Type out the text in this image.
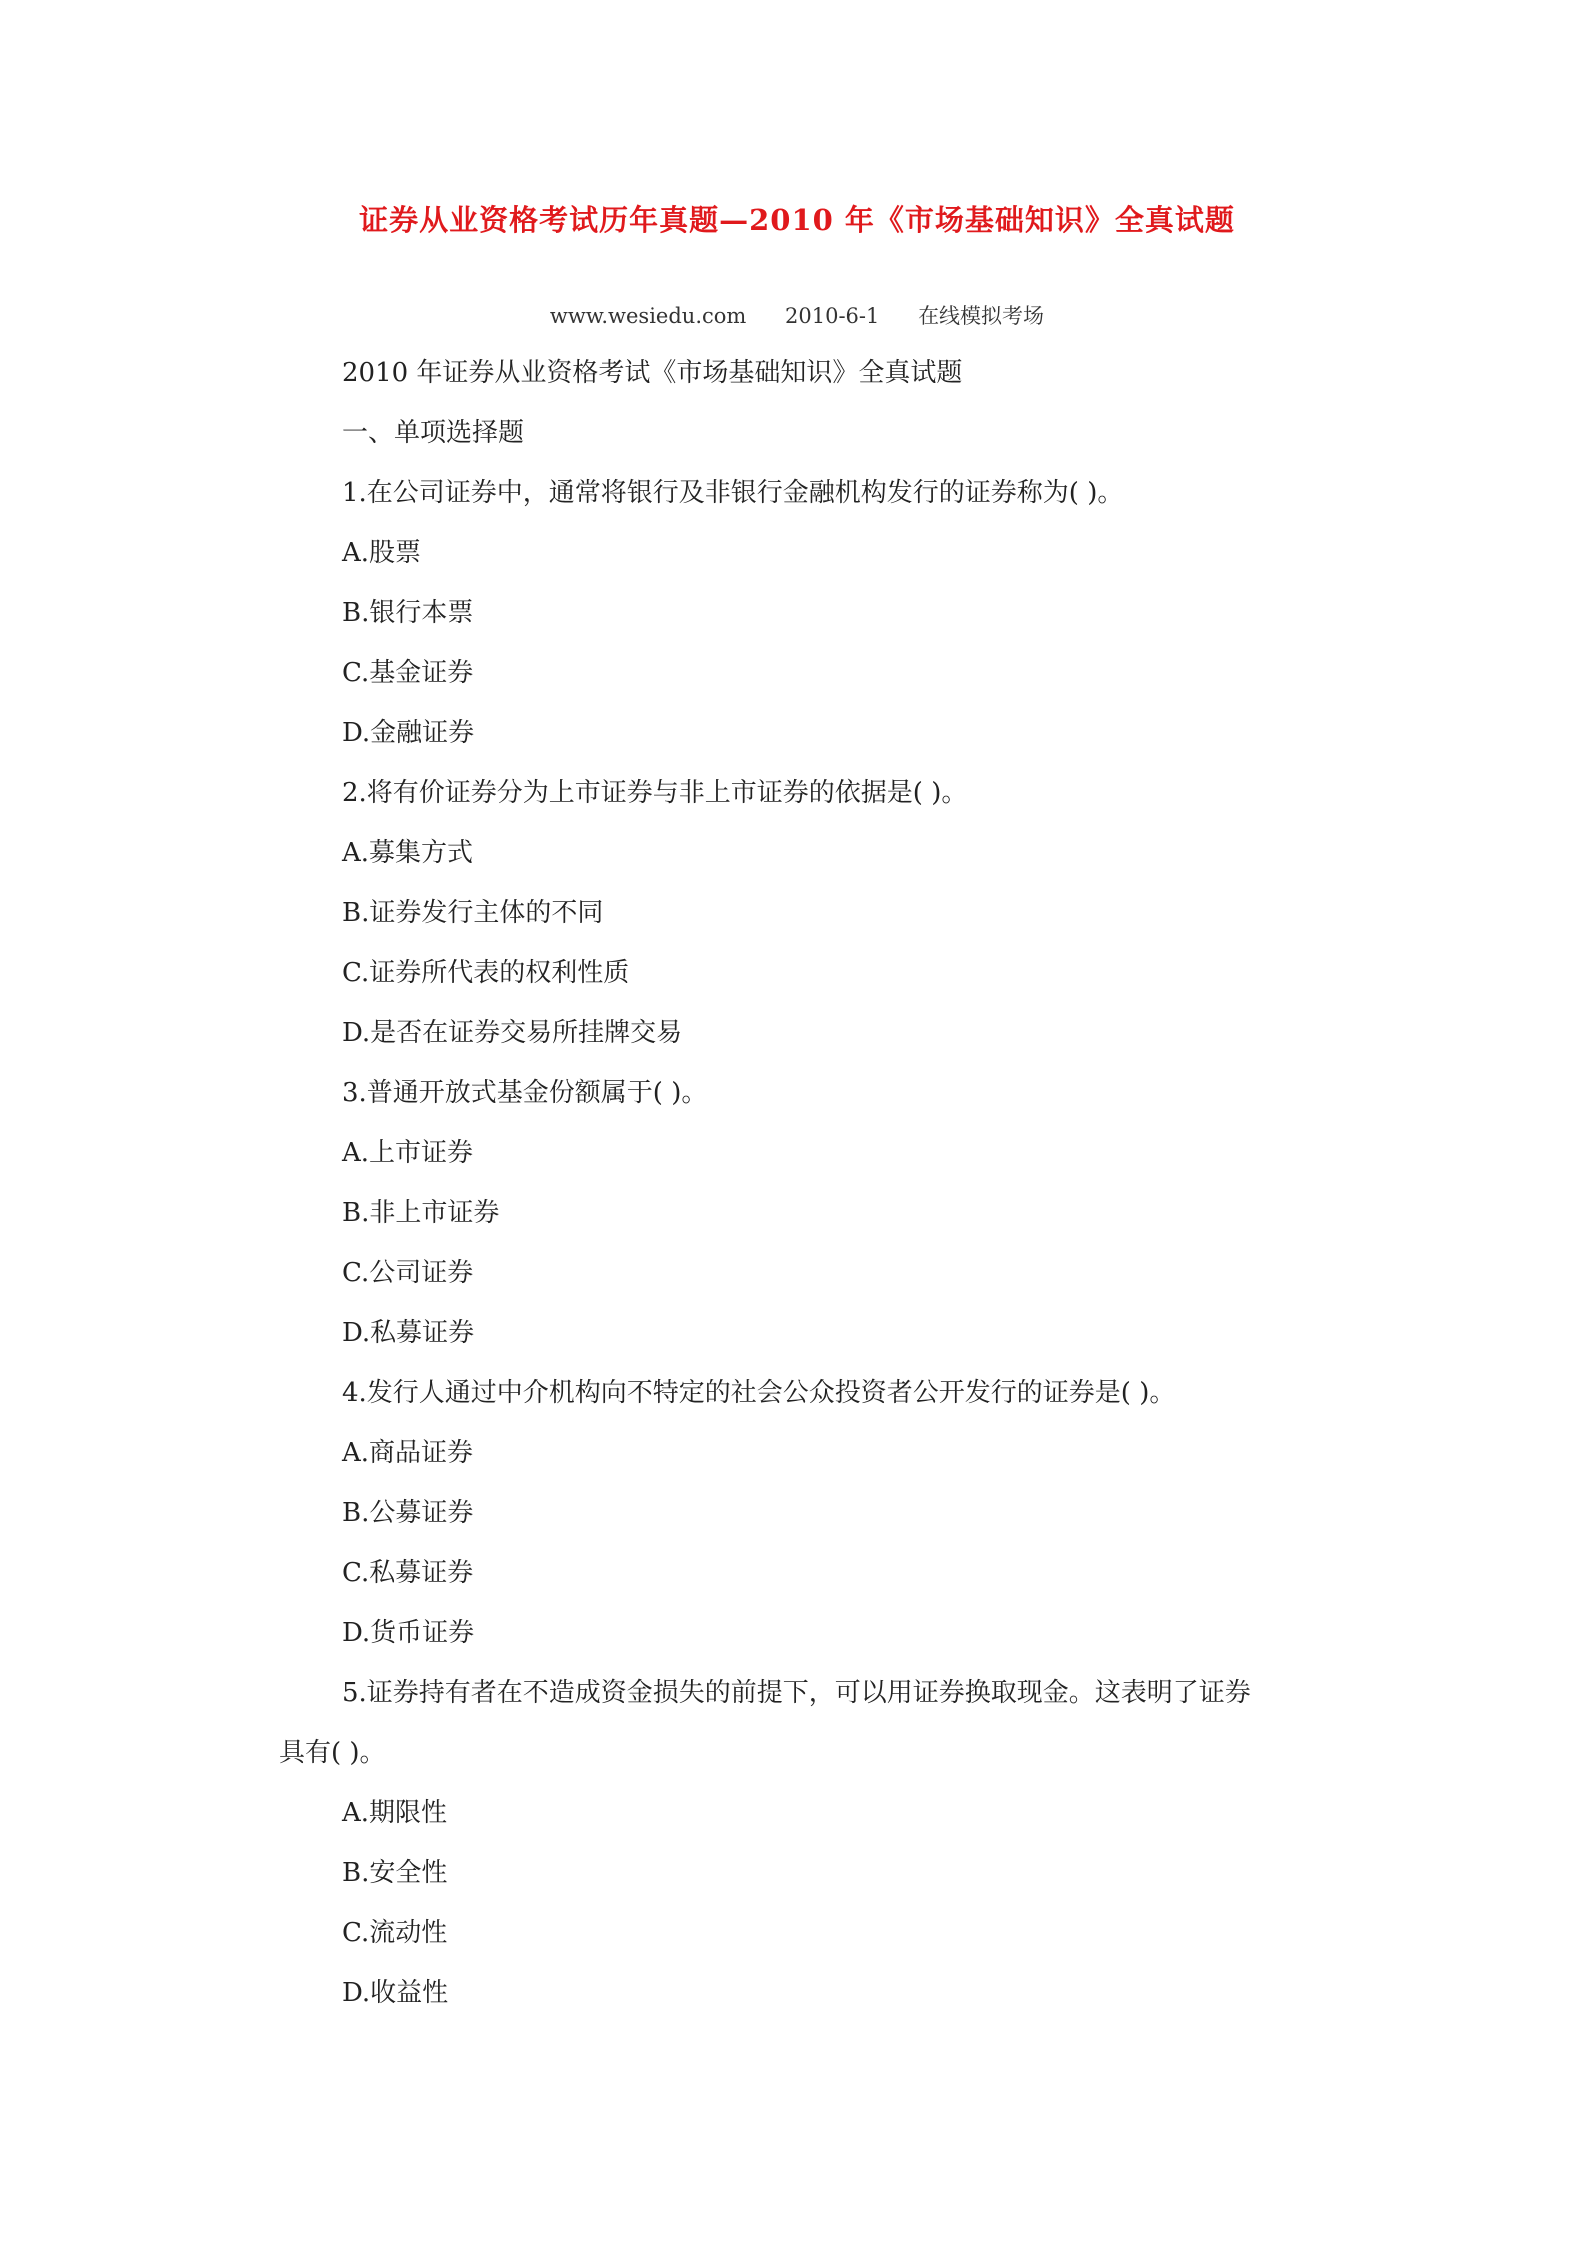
证券从业资格考试历年真题—2010 年《市场基础知识》全真试题
www.wesiedu.com 2010-6-1 在线模拟考场
2010 年证券从业资格考试《市场基础知识》全真试题
一、单项选择题
1.在公司证券中，通常将银行及非银行金融机构发行的证券称为( )。
A.股票
B.银行本票
C.基金证券
D.金融证券
2.将有价证券分为上市证券与非上市证券的依据是( )。
A.募集方式
B.证券发行主体的不同
C.证券所代表的权利性质
D.是否在证券交易所挂牌交易
3.普通开放式基金份额属于( )。
A.上市证券
B.非上市证券
C.公司证券
D.私募证券
4.发行人通过中介机构向不特定的社会公众投资者公开发行的证券是( )。
A.商品证券
B.公募证券
C.私募证券
D.货币证券
5.证券持有者在不造成资金损失的前提下，可以用证券换取现金。这表明了证券
具有( )。
A.期限性
B.安全性
C.流动性
D.收益性
